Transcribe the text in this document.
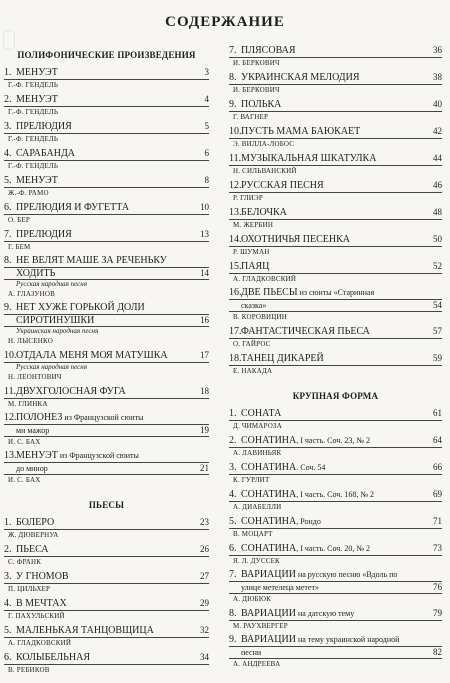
СОДЕРЖАНИЕ
ПОЛИФОНИЧЕСКИЕ ПРОИЗВЕДЕНИЯ
1. МЕНУЭТ	3
Г.-Ф. ГЕНДЕЛЬ
2. МЕНУЭТ	4
Г.-Ф. ГЕНДЕЛЬ
3. ПРЕЛЮДИЯ	5
Г.-Ф. ГЕНДЕЛЬ
4. САРАБАНДА	6
Г.-Ф. ГЕНДЕЛЬ
5. МЕНУЭТ	8
Ж.-Ф. РАМО
6. ПРЕЛЮДИЯ И ФУГЕТТА	10
О. БЕР
7. ПРЕЛЮДИЯ	13
Г. БЕМ
8. НЕ ВЕЛЯТ МАШЕ ЗА РЕЧЕНЬКУ
ХОДИТЬ	14
Русская народная песня
А. ГЛАЗУНОВ
9. НЕТ ХУЖЕ ГОРЬКОЙ ДОЛИ
СИРОТИНУШКИ	16
Украинская народная песня
Н. ЛЫСЕНКО
10. ОТДАЛА МЕНЯ МОЯ МАТУШКА	17
Русская народная песня
Н. ЛЕОНТОВИЧ
11. ДВУХГОЛОСНАЯ ФУГА	18
М. ГЛИНКА
12. ПОЛОНЕЗ из Французской сюиты
ми мажор	19
И. С. БАХ
13. МЕНУЭТ из Французской сюиты
до минор	21
И. С. БАХ
ПЬЕСЫ
1. БОЛЕРО	23
Ж. ДЮВЕРНУА
2. ПЬЕСА	26
С. ФРАНК
3. У ГНОМОВ	27
П. ЦИЛЬХЕР
4. В МЕЧТАХ	29
Г. ПАХУЛЬСКИЙ
5. МАЛЕНЬКАЯ ТАНЦОВЩИЦА	32
А. ГЛАДКОВСКИЙ
6. КОЛЫБЕЛЬНАЯ	34
В. РЕБИКОВ
7. ПЛЯСОВАЯ	36
И. БЕРКОВИЧ
8. УКРАИНСКАЯ МЕЛОДИЯ	38
И. БЕРКОВИЧ
9. ПОЛЬКА	40
Г. ВАГНЕР
10. ПУСТЬ МАМА БАЮКАЕТ	42
Э. ВИЛЛА-ЛОБОС
11. МУЗЫКАЛЬНАЯ ШКАТУЛКА	44
Н. СИЛЬВАНСКИЙ
12. РУССКАЯ ПЕСНЯ	46
Р. ГЛИЭР
13. БЕЛОЧКА	48
М. ЖЕРБИН
14. ОХОТНИЧЬЯ ПЕСЕНКА	50
Р. ШУМАН
15. ПАЯЦ	52
А. ГЛАДКОВСКИЙ
16. ДВЕ ПЬЕСЫ из сюиты «Старинная
сказка»	54
В. КОРОВИЦИН
17. ФАНТАСТИЧЕСКАЯ ПЬЕСА	57
О. ГАЙРОС
18. ТАНЕЦ ДИКАРЕЙ	59
Е. НАКАДА
КРУПНАЯ ФОРМА
1. СОНАТА	61
Д. ЧИМАРОЗА
2. СОНАТИНА, I часть. Соч. 23, № 2	64
А. ЛАВИНЬЯК
3. СОНАТИНА. Соч. 54	66
К. ГУРЛИТ
4. СОНАТИНА, I часть. Соч. 168, № 2	69
А. ДИАБЕЛЛИ
5. СОНАТИНА, Рондо	71
В. МОЦАРТ
6. СОНАТИНА, I часть. Соч. 20, № 2	73
Я. Л. ДУССЕК
7. ВАРИАЦИИ на русскую песню «Вдоль по
улице метелеца метет»	76
А. ДЮБЮК
8. ВАРИАЦИИ на датскую тему	79
М. РАУХВЕРГЕР
9. ВАРИАЦИИ на тему украинской народной
песни	82
А. АНДРЕЕВА
